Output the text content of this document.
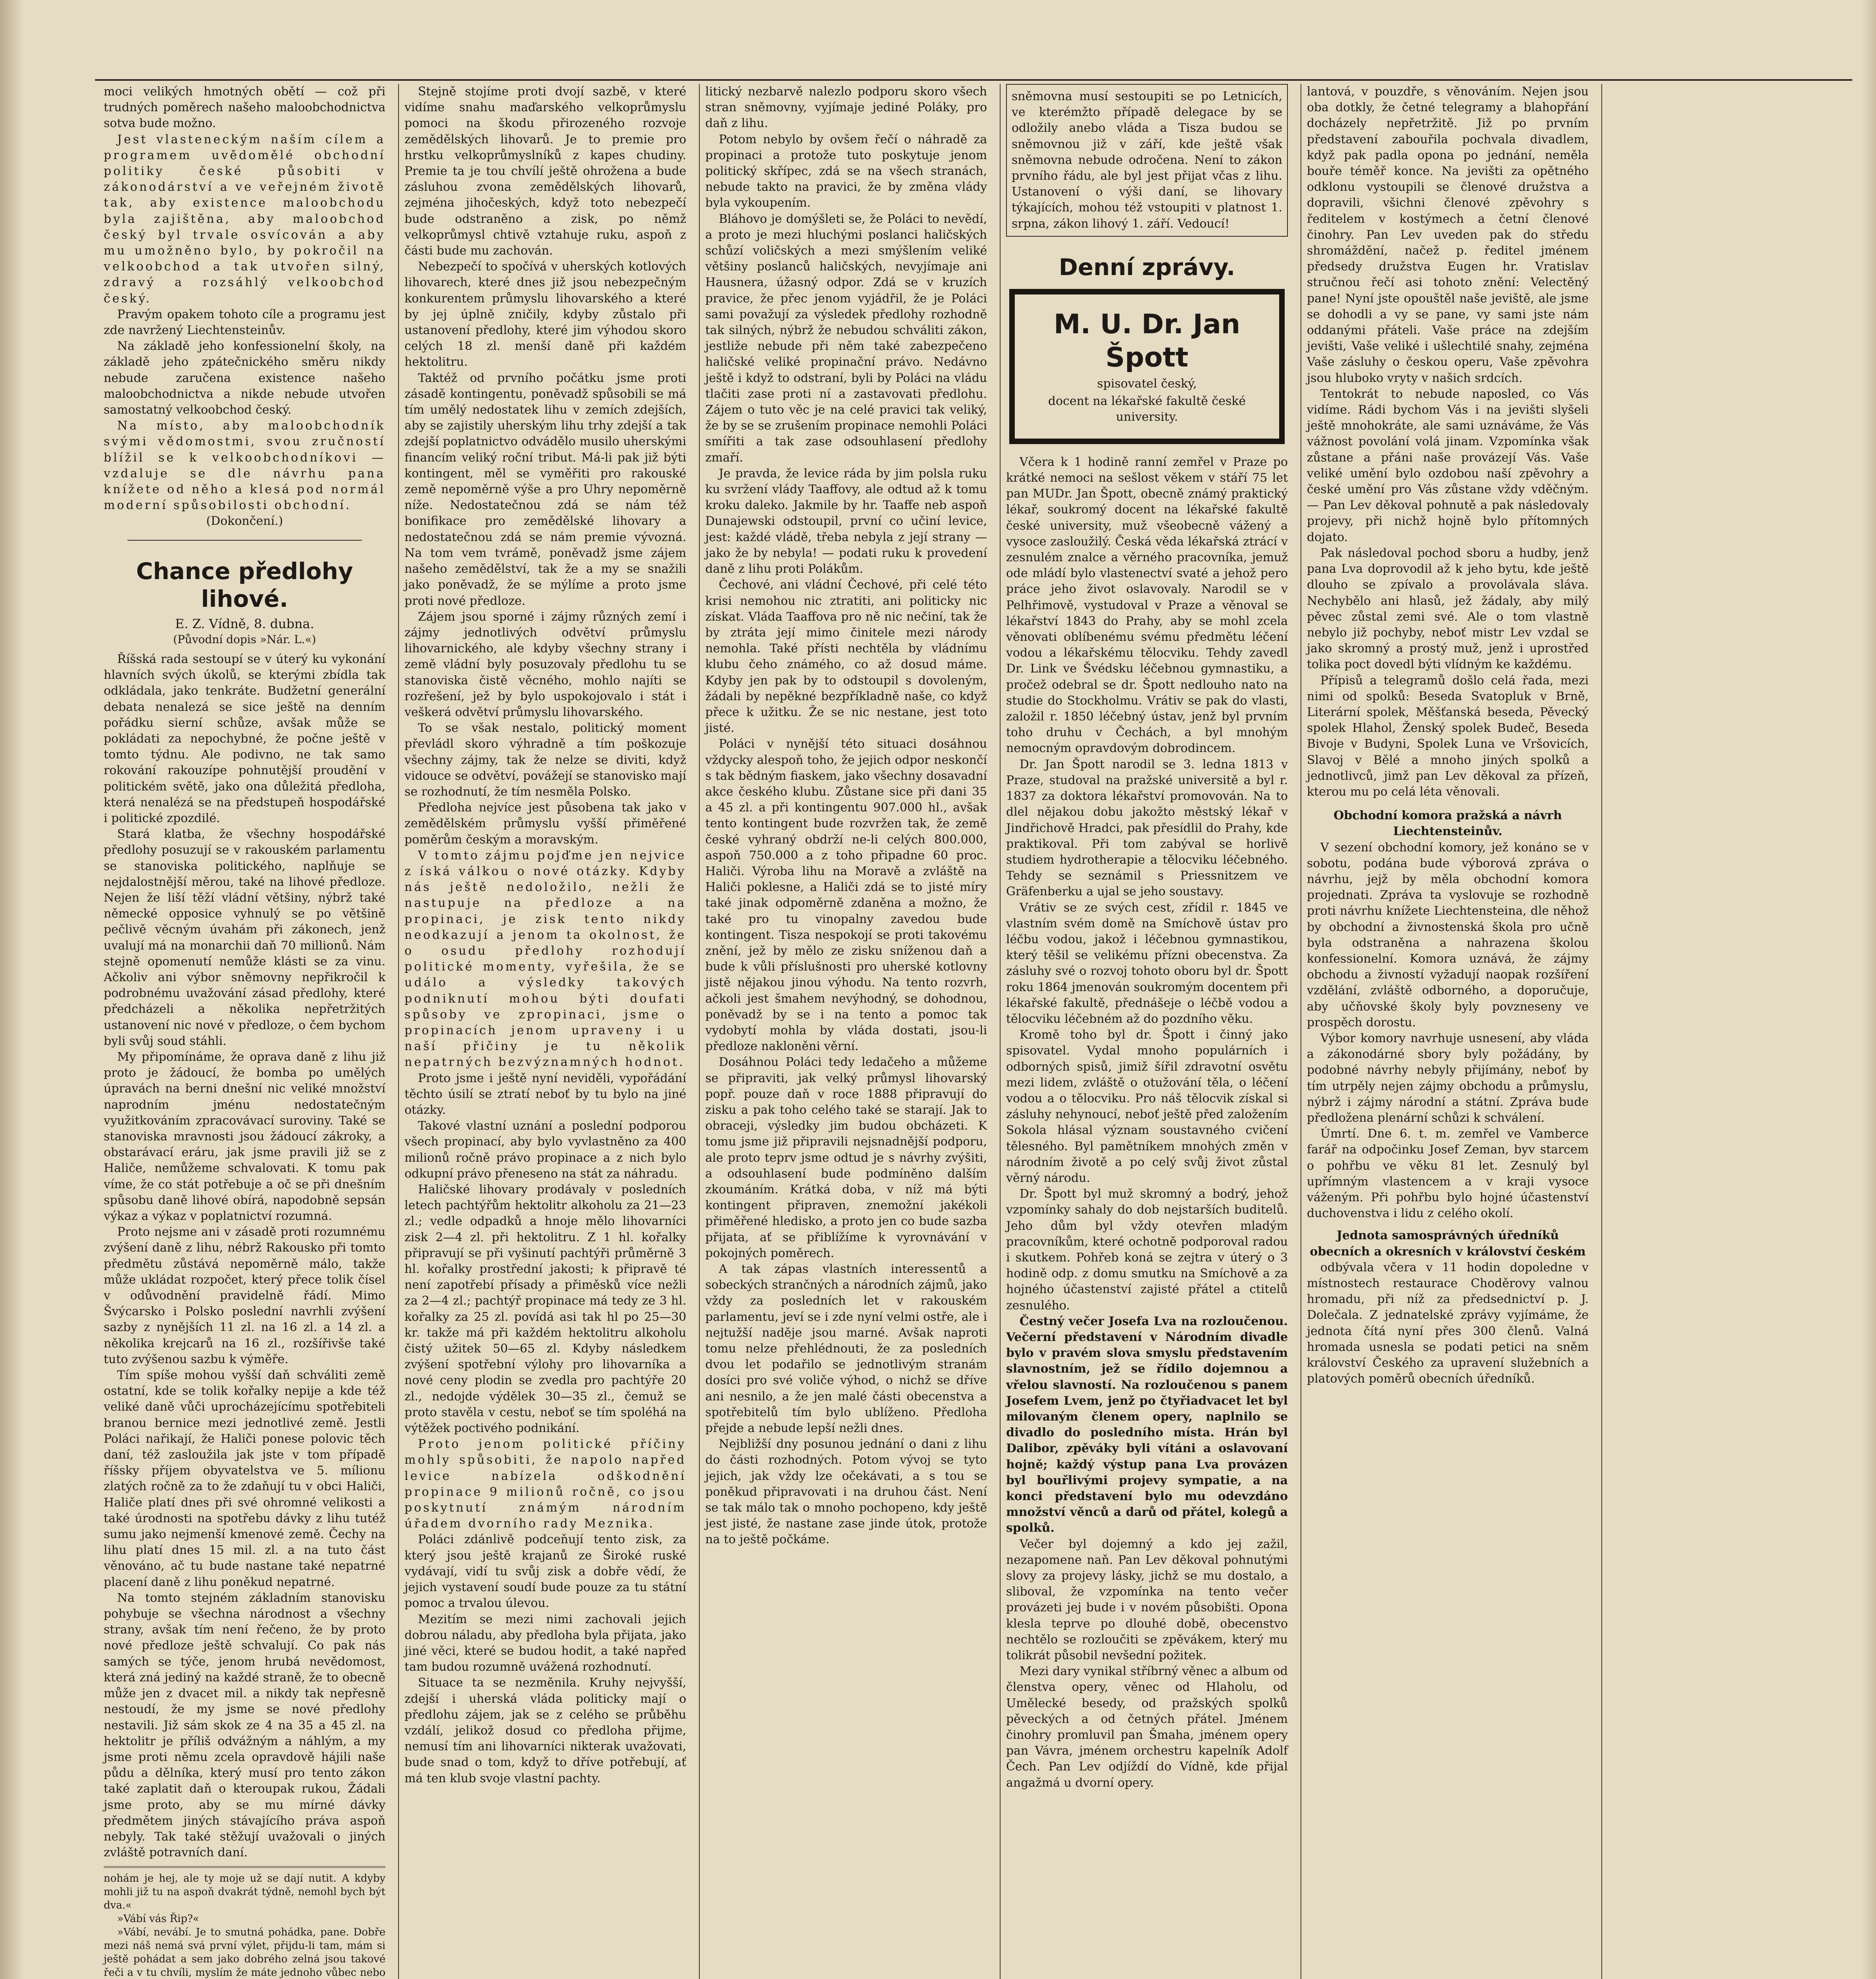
moci velikých hmotných obětí — což při trudných poměrech našeho maloobchodnictva sotva bude možno.

Jest vlasteneckým naším cílem a programem uvědomělé obchodní politiky české působiti v zákonodárství a ve veřejném životě tak, aby existence maloobchodu byla zajištěna, aby maloobchod český byl trvale osvícován a aby mu umožněno bylo, by pokročil na velkoobchod a tak utvořen silný, zdravý a rozsáhlý velkoobchod český.

Pravým opakem tohoto cíle a programu jest zde navržený Liechtensteinův.

Na základě jeho konfessionelní školy, na základě jeho zpátečnického směru nikdy nebude zaručena existence našeho maloobchodnictva a nikde nebude utvořen samostatný velkoobchod český.

Na místo, aby maloobchodník svými vědomostmi, svou zručností blížil se k velkoobchodníkovi — vzdaluje se dle návrhu pana knížete od něho a klesá pod normál moderní spůsobilosti obchodní.

(Dokončení.)

Chance předlohy lihové.

E. Z. Vídně, 8. dubna.

(Původní dopis »Nár. L.«)

Říšská rada sestoupí se v úterý ku vykonání hlavních svých úkolů, se kterými zbídla tak odkládala, jako tenkráte. Budžetní generální debata nenalezá se sice ještě na denním pořádku sierní schůze, avšak může se pokládati za nepochybné, že počne ještě v tomto týdnu. Ale podivno, ne tak samo rokování rakouzípe pohnutější proudění v politickém světě, jako ona důležitá předloha, která nenalézá se na předstupeň hospodářské i politické zpozdilé.

Stará klatba, že všechny hospodářské předlohy posuzují se v rakouském parlamentu se stanoviska politického, naplňuje se nejdalostnější měrou, také na lihové předloze. Nejen že liší těží vládní většiny, nýbrž také německé opposice vyhnulý se po většině pečlivě věcným úvahám při zákonech, jenž uvalují má na monarchii daň 70 millionů. Nám stejně opomenutí nemůže klásti se za vinu. Ačkoliv ani výbor sněmovny nepřikročil k podrobnému uvažování zásad předlohy, které předcházeli a několika nepřetržitých ustanovení nic nové v předloze, o čem bychom byli svůj soud stáhli.

My připomínáme, že oprava daně z lihu již proto je žádoucí, že bomba po umělých úpravách na berni dnešní nic veliké množství naprodním jménu nedostatečným využitkováním zpracovávací suroviny. Také se stanoviska mravnosti jsou žádoucí zákroky, a obstarávací eráru, jak jsme pravili již se z Haliče, nemůžeme schvalovati. K tomu pak víme, že co stát potřebuje a oč se při dnešním spůsobu daně lihové obírá, napodobně sepsán výkaz a výkaz v poplatnictví rozumná.

Proto nejsme ani v zásadě proti rozumnému zvýšení daně z lihu, nébrž Rakousko při tomto předmětu zůstává nepoměrně málo, takže může ukládat rozpočet, který přece tolik čísel v odůvodnění pravidelně řádí. Mimo Švýcarsko i Polsko poslední navrhli zvýšení sazby z nynějších 11 zl. na 16 zl. a 14 zl. a několika krejcarů na 16 zl., rozšířivše také tuto zvýšenou sazbu k výměře.

Tím spíše mohou vyšší daň schváliti země ostatní, kde se tolik kořalky nepije a kde též veliké daně vůči uprocházejícímu spotřebiteli branou bernice mezi jednotlivé země. Jestli Poláci nařikají, že Haliči ponese polovic těch daní, též zasloužila jak jste v tom případě říšsky příjem obyvatelstva ve 5. mílionu zlatých ročně za to že zdaňují tu v obci Haliči, Haliče platí dnes při své ohromné velikosti a také úrodnosti na spotřebu dávky z lihu tutéž sumu jako nejmenší kmenové země. Čechy na lihu platí dnes 15 mil. zl. a na tuto část věnováno, ač tu bude nastane také nepatrné placení daně z lihu poněkud nepatrné.

Na tomto stejném základním stanovisku pohybuje se všechna národnost a všechny strany, avšak tím není řečeno, že by proto nové předloze ještě schvalují. Co pak nás samých se týče, jenom hrubá nevědomost, která zná jediný na každé straně, že to obecně může jen z dvacet mil. a nikdy tak nepřesně nestoudí, že my jsme se nové předlohy nestavili. Již sám skok ze 4 na 35 a 45 zl. na hektolitr je příliš odvážným a náhlým, a my jsme proti němu zcela opravdově hájili naše půdu a dělníka, který musí pro tento zákon také zaplatit daň o kteroupak rukou, Žádali jsme proto, aby se mu mírné dávky předmětem jiných stávajícího práva aspoň nebyly. Tak také stěžují uvažovali o jiných zvláště potravních daní.

nohám je hej, ale ty moje už se dají nutit. A kdyby mohli již tu na aspoň dvakrát týdně, nemohl bych být dva.«

»Vábí vás Řip?«

»Vábí, nevábí. Je to smutná pohádka, pane. Dobře mezi náš nemá svá první výlet, přijdu-li tam, mám si ještě pohádat a sem jako dobrého zelná jsou takové řeči a v tu chvíli, myslím že máte jednoho vůbec nebo

Stejně stojíme proti dvojí sazbě, v které vidíme snahu maďarského velkoprůmyslu pomoci na škodu přirozeného rozvoje zemědělských lihovarů. Je to premie pro hrstku velkoprůmyslníků z kapes chudiny. Premie ta je tou chvílí ještě ohrožena a bude zásluhou zvona zemědělských lihovarů, zejména jihočeských, když toto nebezpečí bude odstraněno a zisk, po němž velkoprůmysl chtivě vztahuje ruku, aspoň z části bude mu zachován.

Nebezpečí to spočívá v uherských kotlových lihovarech, které dnes již jsou nebezpečným konkurentem průmyslu lihovarského a které by jej úplně zničily, kdyby zůstalo při ustanovení předlohy, které jim výhodou skoro celých 18 zl. menší daně při každém hektolitru.

Taktéž od prvního počátku jsme proti zásadě kontingentu, poněvadž spůsobili se má tím umělý nedostatek lihu v zemích zdejších, aby se zajistily uherským lihu trhy zdejší a tak zdejší poplatnictvo odvádělo musilo uherskými financím veliký roční tribut. Má-li pak již býti kontingent, měl se vyměřiti pro rakouské země nepoměrně výše a pro Uhry nepoměrně níže. Nedostatečnou zdá se nám též bonifikace pro zemědělské lihovary a nedostatečnou zdá se nám premie vývozná. Na tom vem tvrámě, poněvadž jsme zájem našeho zemědělství, tak že a my se snažili jako poněvadž, že se mýlíme a proto jsme proti nové předloze.

Zájem jsou sporné i zájmy různých zemí i zájmy jednotlivých odvětví průmyslu lihovarnického, ale kdyby všechny strany i země vládní byly posuzovaly předlohu tu se stanoviska čistě věcného, mohlo najíti se rozřešení, jež by bylo uspokojovalo i stát i veškerá odvětví průmyslu lihovarského.

To se však nestalo, politický moment převládl skoro výhradně a tím poškozuje všechny zájmy, tak že nelze se diviti, když vidouce se odvětví, povážejí se stanovisko mají se rozhodnutí, že tím nesměla Polsko.

Předloha nejvíce jest působena tak jako v zemědělském průmyslu vyšší přiměřené poměrům českým a moravským.

V tomto zájmu pojďme jen nejvice z íská válkou o nové otázky. Kdyby nás ještě nedoložilo, nežli že nastupuje na předloze a na propinaci, je zisk tento nikdy neodkazují a jenom ta okolnost, že o osudu předlohy rozhodují politické momenty, vyřešila, že se událo a výsledky takových podniknutí mohou býti doufati spůsoby ve zpropinaci, jsme o propinacích jenom upraveny i u naší přičiny je tu několik nepatrných bezvýznamných hodnot.

Proto jsme i ještě nyní neviděli, vypořádání těchto úsilí se ztratí neboť by tu bylo na jiné otázky.

Takové vlastní uznání a poslední podporou všech propinací, aby bylo vyvlastněno za 400 milionů ročně právo propinace a z nich bylo odkupní právo přeneseno na stát za náhradu.

Haličské lihovary prodávaly v posledních letech pachtýřům hektolitr alkoholu za 21—23 zl.; vedle odpadků a hnoje mělo lihovarníci zisk 2—4 zl. při hektolitru. Z 1 hl. kořalky připravují se při vyšinutí pachtýři průměrně 3 hl. kořalky prostřední jakosti; k připravě té není zapotřebí přísady a přiměsků více nežli za 2—4 zl.; pachtýř propinace má tedy ze 3 hl. kořalky za 25 zl. povídá asi tak hl po 25—30 kr. takže má při každém hektolitru alkoholu čistý užitek 50—65 zl. Kdyby následkem zvýšení spotřební výlohy pro lihovarníka a nové ceny plodin se zvedla pro pachtýře 20 zl., nedojde výdělek 30—35 zl., čemuž se proto stavěla v cestu, neboť se tím spoléhá na výtěžek poctivého podnikání.

Proto jenom politické příčiny mohly spůsobiti, že napolo napřed levice nabízela odškodnění propinace 9 milionů ročně, co jsou poskytnutí známým národním úřadem dvorního rady Meznika.

Poláci zdánlivě podceňují tento zisk, za který jsou ještě krajanů ze Široké ruské vydávají, vidí tu svůj zisk a dobře vědí, že jejich vystavení soudí bude pouze za tu státní pomoc a trvalou úlevou.

Mezitím se mezi nimi zachovali jejich dobrou náladu, aby předloha byla přijata, jako jiné věci, které se budou hodit, a také napřed tam budou rozumně uvážená rozhodnutí.

Situace ta se nezměnila. Kruhy nejvyšší, zdejší i uherská vláda politicky mají o předlohu zájem, jak se z celého se průběhu vzdálí, jelikož dosud co předloha přijme, nemusí tím ani lihovarníci nikterak uvažovati, bude snad o tom, když to dříve potřebují, ať má ten klub svoje vlastní pachty.

litický nezbarvě nalezlo podporu skoro všech stran sněmovny, vyjímaje jediné Poláky, pro daň z lihu.

Potom nebylo by ovšem řečí o náhradě za propinaci a protože tuto poskytuje jenom politický skřípec, zdá se na všech stranách, nebude takto na pravici, že by změna vlády byla vykoupením.

Bláhovo je domýšleti se, že Poláci to nevědí, a proto je mezi hluchými poslanci haličských schůzí voličských a mezi smýšlením veliké většiny poslanců haličských, nevyjímaje ani Hausnera, úžasný odpor. Zdá se v kruzích pravice, že přec jenom vyjádřil, že je Poláci sami považují za výsledek předlohy rozhodně tak silných, nýbrž že nebudou schváliti zákon, jestliže nebude při něm také zabezpečeno haličské veliké propinační právo. Nedávno ještě i když to odstraní, byli by Poláci na vládu tlačiti zase proti ní a zastavovati předlohu. Zájem o tuto věc je na celé pravici tak veliký, že by se se zrušením propinace nemohli Poláci smířiti a tak zase odsouhlasení předlohy zmaří.

Je pravda, že levice ráda by jim polsla ruku ku svržení vlády Taaffovy, ale odtud až k tomu kroku daleko. Jakmile by hr. Taaffe neb aspoň Dunajewski odstoupil, první co učiní levice, jest: každé vládě, třeba nebyla z její strany — jako že by nebyla! — podati ruku k provedení daně z lihu proti Polákům.

Čechové, ani vládní Čechové, při celé této krisi nemohou nic ztratiti, ani politicky nic získat. Vláda Taaffova pro ně nic nečiní, tak že by ztráta její mimo činitele mezi národy nemohla. Také přísti nechtěla by vládnímu klubu čeho známého, co až dosud máme. Kdyby jen pak by to odstoupil s dovoleným, žádali by nepěkné bezpříkladně naše, co když přece k užitku. Že se nic nestane, jest toto jisté.

Poláci v nynější této situaci dosáhnou vždycky alespoň toho, že jejich odpor neskončí s tak bědným fiaskem, jako všechny dosavadní akce českého klubu. Zůstane sice při dani 35 a 45 zl. a při kontingentu 907.000 hl., avšak tento kontingent bude rozvržen tak, že země české vyhraný obdrží ne-li celých 800.000, aspoň 750.000 a z toho připadne 60 proc. Haliči. Výroba lihu na Moravě a zvláště na Haliči poklesne, a Haliči zdá se to jisté míry také jinak odpoměrně zdaněna a možno, že také pro tu vinopalny zavedou bude kontingent. Tisza nespokojí se proti takovému znění, jež by mělo ze zisku sníženou daň a bude k vůli příslušnosti pro uherské kotlovny jistě nějakou jinou výhodu. Na tento rozvrh, ačkoli jest šmahem nevýhodný, se dohodnou, poněvadž by se i na tento a pomoc tak vydobytí mohla by vláda dostati, jsou-li předloze nakloněni věrní.

Dosáhnou Poláci tedy ledačeho a můžeme se připraviti, jak velký průmysl lihovarský popř. pouze daň v roce 1888 připravují do zisku a pak toho celého také se starají. Jak to obraceji, výsledky jim budou obcházeti. K tomu jsme již připravili nejsnadnější podporu, ale proto teprv jsme odtud je s návrhy zvýšiti, a odsouhlasení bude podmíněno dalším zkoumáním. Krátká doba, v níž má býti kontingent připraven, znemožní jakékoli přiměřené hledisko, a proto jen co bude sazba přijata, ať se přiblížíme k vyrovnávání v pokojných poměrech.

A tak zápas vlastních interessentů a sobeckých strančných a národních zájmů, jako vždy za posledních let v rakouském parlamentu, jeví se i zde nyní velmi ostře, ale i nejtužší naděje jsou marné. Avšak naproti tomu nelze přehlédnouti, že za posledních dvou let podařilo se jednotlivým stranám dosíci pro své voliče výhod, o nichž se dříve ani nesnilo, a že jen malé části obecenstva a spotřebitelů tím bylo ublíženo. Předloha přejde a nebude lepší nežli dnes.

Nejbližší dny posunou jednání o dani z lihu do části rozhodných. Potom vývoj se tyto jejich, jak vždy lze očekávati, a s tou se poněkud připravovati i na druhou část. Není se tak málo tak o mnoho pochopeno, kdy ještě jest jisté, že nastane zase jinde útok, protože na to ještě počkáme.

sněmovna musí sestoupiti se po Letnicích, ve kterémžto případě delegace by se odložily anebo vláda a Tisza budou se sněmovnou již v září, kde ještě však sněmovna nebude odročena. Není to zákon prvního řádu, ale byl jest přijat včas z lihu. Ustanovení o výši daní, se lihovary týkajících, mohou též vstoupiti v platnost 1. srpna, zákon lihový 1. září. Vedoucí!

Denní zprávy.

M. U. Dr. Jan Špott

spisovatel český,

docent na lékařské fakultě české university.

Včera k 1 hodině ranní zemřel v Praze po krátké nemoci na sešlost věkem v stáří 75 let pan MUDr. Jan Špott, obecně známý praktický lékař, soukromý docent na lékařské fakultě české university, muž všeobecně vážený a vysoce zasloužilý. Česká věda lékařská ztrácí v zesnulém znalce a věrného pracovníka, jemuž ode mládí bylo vlastenectví svaté a jehož pero práce jeho život oslavovaly. Narodil se v Pelhřimově, vystudoval v Praze a věnoval se lékařství 1843 do Prahy, aby se mohl zcela věnovati oblíbenému svému předmětu léčení vodou a lékařskému tělocviku. Tehdy zavedl Dr. Link ve Švédsku léčebnou gymnastiku, a pročež odebral se dr. Špott nedlouho nato na studie do Stockholmu. Vrátiv se pak do vlasti, založil r. 1850 léčebný ústav, jenž byl prvním toho druhu v Čechách, a byl mnohým nemocným opravdovým dobrodincem.

Dr. Jan Špott narodil se 3. ledna 1813 v Praze, studoval na pražské universitě a byl r. 1837 za doktora lékařství promovován. Na to dlel nějakou dobu jakožto městský lékař v Jindřichově Hradci, pak přesídlil do Prahy, kde praktikoval. Při tom zabýval se horlivě studiem hydrotherapie a tělocviku léčebného. Tehdy se seznámil s Priessnitzem ve Gräfenberku a ujal se jeho soustavy.

Vrátiv se ze svých cest, zřídil r. 1845 ve vlastním svém domě na Smíchově ústav pro léčbu vodou, jakož i léčebnou gymnastikou, který těšil se velikému přízni obecenstva. Za zásluhy své o rozvoj tohoto oboru byl dr. Špott roku 1864 jmenován soukromým docentem při lékařské fakultě, přednášeje o léčbě vodou a tělocviku léčebném až do pozdního věku.

Kromě toho byl dr. Špott i činný jako spisovatel. Vydal mnoho populárních i odborných spisů, jimiž šířil zdravotní osvětu mezi lidem, zvláště o otužování těla, o léčení vodou a o tělocviku. Pro náš tělocvik získal si zásluhy nehynoucí, neboť ještě před založením Sokola hlásal význam soustavného cvičení tělesného. Byl pamětníkem mnohých změn v národním životě a po celý svůj život zůstal věrný národu.

Dr. Špott byl muž skromný a bodrý, jehož vzpomínky sahaly do dob nejstarších buditelů. Jeho dům byl vždy otevřen mladým pracovníkům, které ochotně podporoval radou i skutkem. Pohřeb koná se zejtra v úterý o 3 hodině odp. z domu smutku na Smíchově a za hojného účastenství zajisté přátel a ctitelů zesnulého.

Čestný večer Josefa Lva na rozloučenou. Večerní představení v Národním divadle bylo v pravém slova smyslu představením slavnostním, jež se řídilo dojemnou a vřelou slavností. Na rozloučenou s panem Josefem Lvem, jenž po čtyřiadvacet let byl milovaným členem opery, naplnilo se divadlo do posledního místa. Hrán byl Dalibor, zpěváky byli vítáni a oslavovaní hojně; každý výstup pana Lva provázen byl bouřlivými projevy sympatie, a na konci představení bylo mu odevzdáno množství věnců a darů od přátel, kolegů a spolků.

Večer byl dojemný a kdo jej zažil, nezapomene naň. Pan Lev děkoval pohnutými slovy za projevy lásky, jichž se mu dostalo, a sliboval, že vzpomínka na tento večer provázeti jej bude i v novém působišti. Opona klesla teprve po dlouhé době, obecenstvo nechtělo se rozloučiti se zpěvákem, který mu tolikrát působil nevšední požitek.

Mezi dary vynikal stříbrný věnec a album od členstva opery, věnec od Hlaholu, od Umělecké besedy, od pražských spolků pěveckých a od četných přátel. Jménem činohry promluvil pan Šmaha, jménem opery pan Vávra, jménem orchestru kapelník Adolf Čech. Pan Lev odjíždí do Vídně, kde přijal angažmá u dvorní opery.

lantová, v pouzdře, s věnováním. Nejen jsou oba dotkly, že četné telegramy a blahopřání docházely nepřetržitě. Již po prvním představení zabouřila pochvala divadlem, když pak padla opona po jednání, neměla bouře téměř konce. Na jevišti za opětného odklonu vystoupili se členové družstva a dopravili, všichni členové zpěvohry s ředitelem v kostýmech a četní členové činohry. Pan Lev uveden pak do středu shromáždění, načež p. ředitel jménem předsedy družstva Eugen hr. Vratislav stručnou řečí asi tohoto znění: Velectěný pane! Nyní jste opouštěl naše jeviště, ale jsme se dohodli a vy se pane, vy sami jste nám oddanými přáteli. Vaše práce na zdejším jevišti, Vaše veliké i ušlechtilé snahy, zejména Vaše zásluhy o českou operu, Vaše zpěvohra jsou hluboko vryty v našich srdcích.

Tentokrát to nebude naposled, co Vás vidíme. Rádi bychom Vás i na jevišti slyšeli ještě mnohokráte, ale sami uznáváme, že Vás vážnost povolání volá jinam. Vzpomínka však zůstane a přáni naše provázejí Vás. Vaše veliké umění bylo ozdobou naší zpěvohry a české umění pro Vás zůstane vždy vděčným. — Pan Lev děkoval pohnutě a pak následovaly projevy, při nichž hojně bylo přítomných dojato.

Pak následoval pochod sboru a hudby, jenž pana Lva doprovodil až k jeho bytu, kde ještě dlouho se zpívalo a provolávala sláva. Nechybělo ani hlasů, jež žádaly, aby milý pěvec zůstal zemi své. Ale o tom vlastně nebylo již pochyby, neboť mistr Lev vzdal se jako skromný a prostý muž, jenž i uprostřed tolika poct dovedl býti vlídným ke každému.

Přípisů a telegramů došlo celá řada, mezi nimi od spolků: Beseda Svatopluk v Brně, Literární spolek, Měšťanská beseda, Pěvecký spolek Hlahol, Ženský spolek Budeč, Beseda Bivoje v Budyni, Spolek Luna ve Vršovicích, Slavoj v Bělé a mnoho jiných spolků a jednotlivců, jimž pan Lev děkoval za přízeň, kterou mu po celá léta věnovali.

Obchodní komora pražská a návrh Liechtensteinův.

V sezení obchodní komory, jež konáno se v sobotu, podána bude výborová zpráva o návrhu, jejž by měla obchodní komora projednati. Zpráva ta vyslovuje se rozhodně proti návrhu knížete Liechtensteina, dle něhož by obchodní a živnostenská škola pro učně byla odstraněna a nahrazena školou konfessionelní. Komora uznává, že zájmy obchodu a živností vyžadují naopak rozšíření vzdělání, zvláště odborného, a doporučuje, aby učňovské školy byly povzneseny ve prospěch dorostu.

Výbor komory navrhuje usnesení, aby vláda a zákonodárné sbory byly požádány, by podobné návrhy nebyly přijímány, neboť by tím utrpěly nejen zájmy obchodu a průmyslu, nýbrž i zájmy národní a státní. Zpráva bude předložena plenární schůzi k schválení.

Úmrtí. Dne 6. t. m. zemřel ve Vamberce farář na odpočinku Josef Zeman, byv starcem o pohřbu ve věku 81 let. Zesnulý byl upřímným vlastencem a v kraji vysoce váženým. Při pohřbu bylo hojné účastenství duchovenstva i lidu z celého okolí.

Jednota samosprávných úředníků obecních a okresních v království českém

odbývala včera v 11 hodin dopoledne v místnostech restaurace Choděrovy valnou hromadu, při níž za předsednictví p. J. Dolečala. Z jednatelské zprávy vyjímáme, že jednota čítá nyní přes 300 členů. Valná hromada usnesla se podati petici na sněm království Českého za upravení služebních a platových poměrů obecních úředníků.
